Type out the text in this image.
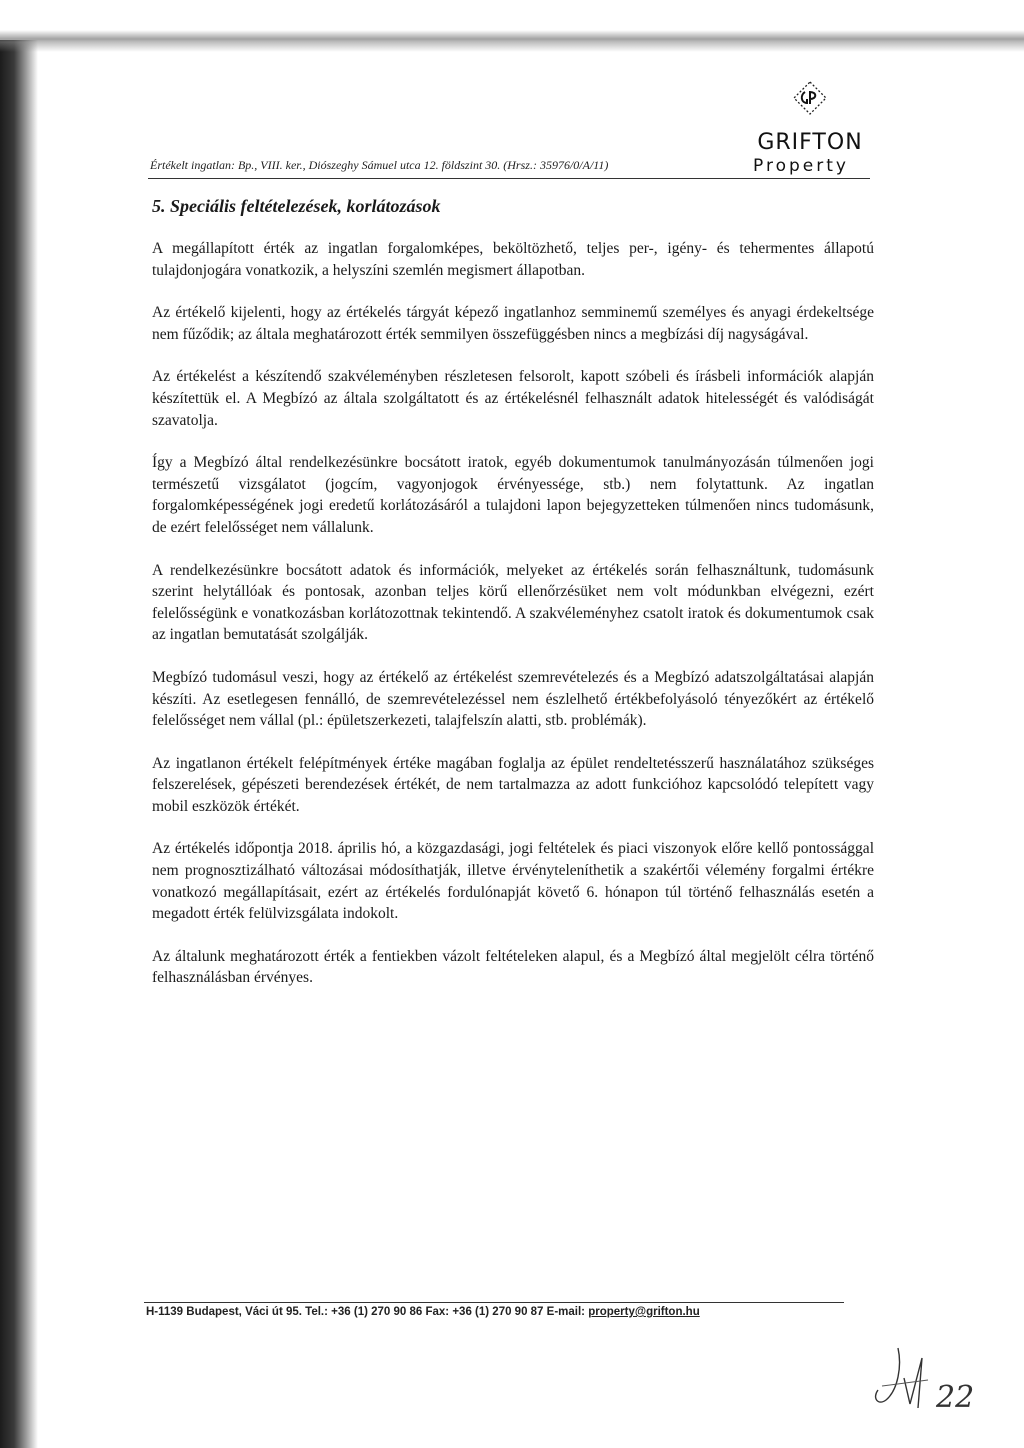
GRIFTON
Property
Értékelt ingatlan: Bp., VIII. ker., Diószeghy Sámuel utca 12. földszint 30. (Hrsz.: 35976/0/A/11)
5. Speciális feltételezések, korlátozások

A megállapított érték az ingatlan forgalomképes, beköltözhető, teljes per-, igény- és tehermentes állapotú tulajdonjogára vonatkozik, a helyszíni szemlén megismert állapotban.

Az értékelő kijelenti, hogy az értékelés tárgyát képező ingatlanhoz semminemű személyes és anyagi érdekeltsége nem fűződik; az általa meghatározott érték semmilyen összefüggésben nincs a megbízási díj nagyságával.

Az értékelést a készítendő szakvéleményben részletesen felsorolt, kapott szóbeli és írásbeli információk alapján készítettük el. A Megbízó az általa szolgáltatott és az értékelésnél felhasznált adatok hitelességét és valódiságát szavatolja.

Így a Megbízó által rendelkezésünkre bocsátott iratok, egyéb dokumentumok tanulmányozásán túlmenően jogi természetű vizsgálatot (jogcím, vagyonjogok érvényessége, stb.) nem folytattunk. Az ingatlan forgalomképességének jogi eredetű korlátozásáról a tulajdoni lapon bejegyzetteken túlmenően nincs tudomásunk, de ezért felelősséget nem vállalunk.

A rendelkezésünkre bocsátott adatok és információk, melyeket az értékelés során felhasználtunk, tudomásunk szerint helytállóak és pontosak, azonban teljes körű ellenőrzésüket nem volt módunkban elvégezni, ezért felelősségünk e vonatkozásban korlátozottnak tekintendő. A szakvéleményhez csatolt iratok és dokumentumok csak az ingatlan bemutatását szolgálják.

Megbízó tudomásul veszi, hogy az értékelő az értékelést szemrevételezés és a Megbízó adatszolgáltatásai alapján készíti. Az esetlegesen fennálló, de szemrevételezéssel nem észlelhető értékbefolyásoló tényezőkért az értékelő felelősséget nem vállal (pl.: épületszerkezeti, talajfelszín alatti, stb. problémák).

Az ingatlanon értékelt felépítmények értéke magában foglalja az épület rendeltetésszerű használatához szükséges felszerelések, gépészeti berendezések értékét, de nem tartalmazza az adott funkcióhoz kapcsolódó telepített vagy mobil eszközök értékét.

Az értékelés időpontja 2018. április hó, a közgazdasági, jogi feltételek és piaci viszonyok előre kellő pontossággal nem prognosztizálható változásai módosíthatják, illetve érvényteleníthetik a szakértői vélemény forgalmi értékre vonatkozó megállapításait, ezért az értékelés fordulónapját követő 6. hónapon túl történő felhasználás esetén a megadott érték felülvizsgálata indokolt.

Az általunk meghatározott érték a fentiekben vázolt feltételeken alapul, és a Megbízó által megjelölt célra történő felhasználásban érvényes.

H-1139 Budapest, Váci út 95. Tel.: +36 (1) 270 90 86 Fax: +36 (1) 270 90 87 E-mail: property@grifton.hu
22
